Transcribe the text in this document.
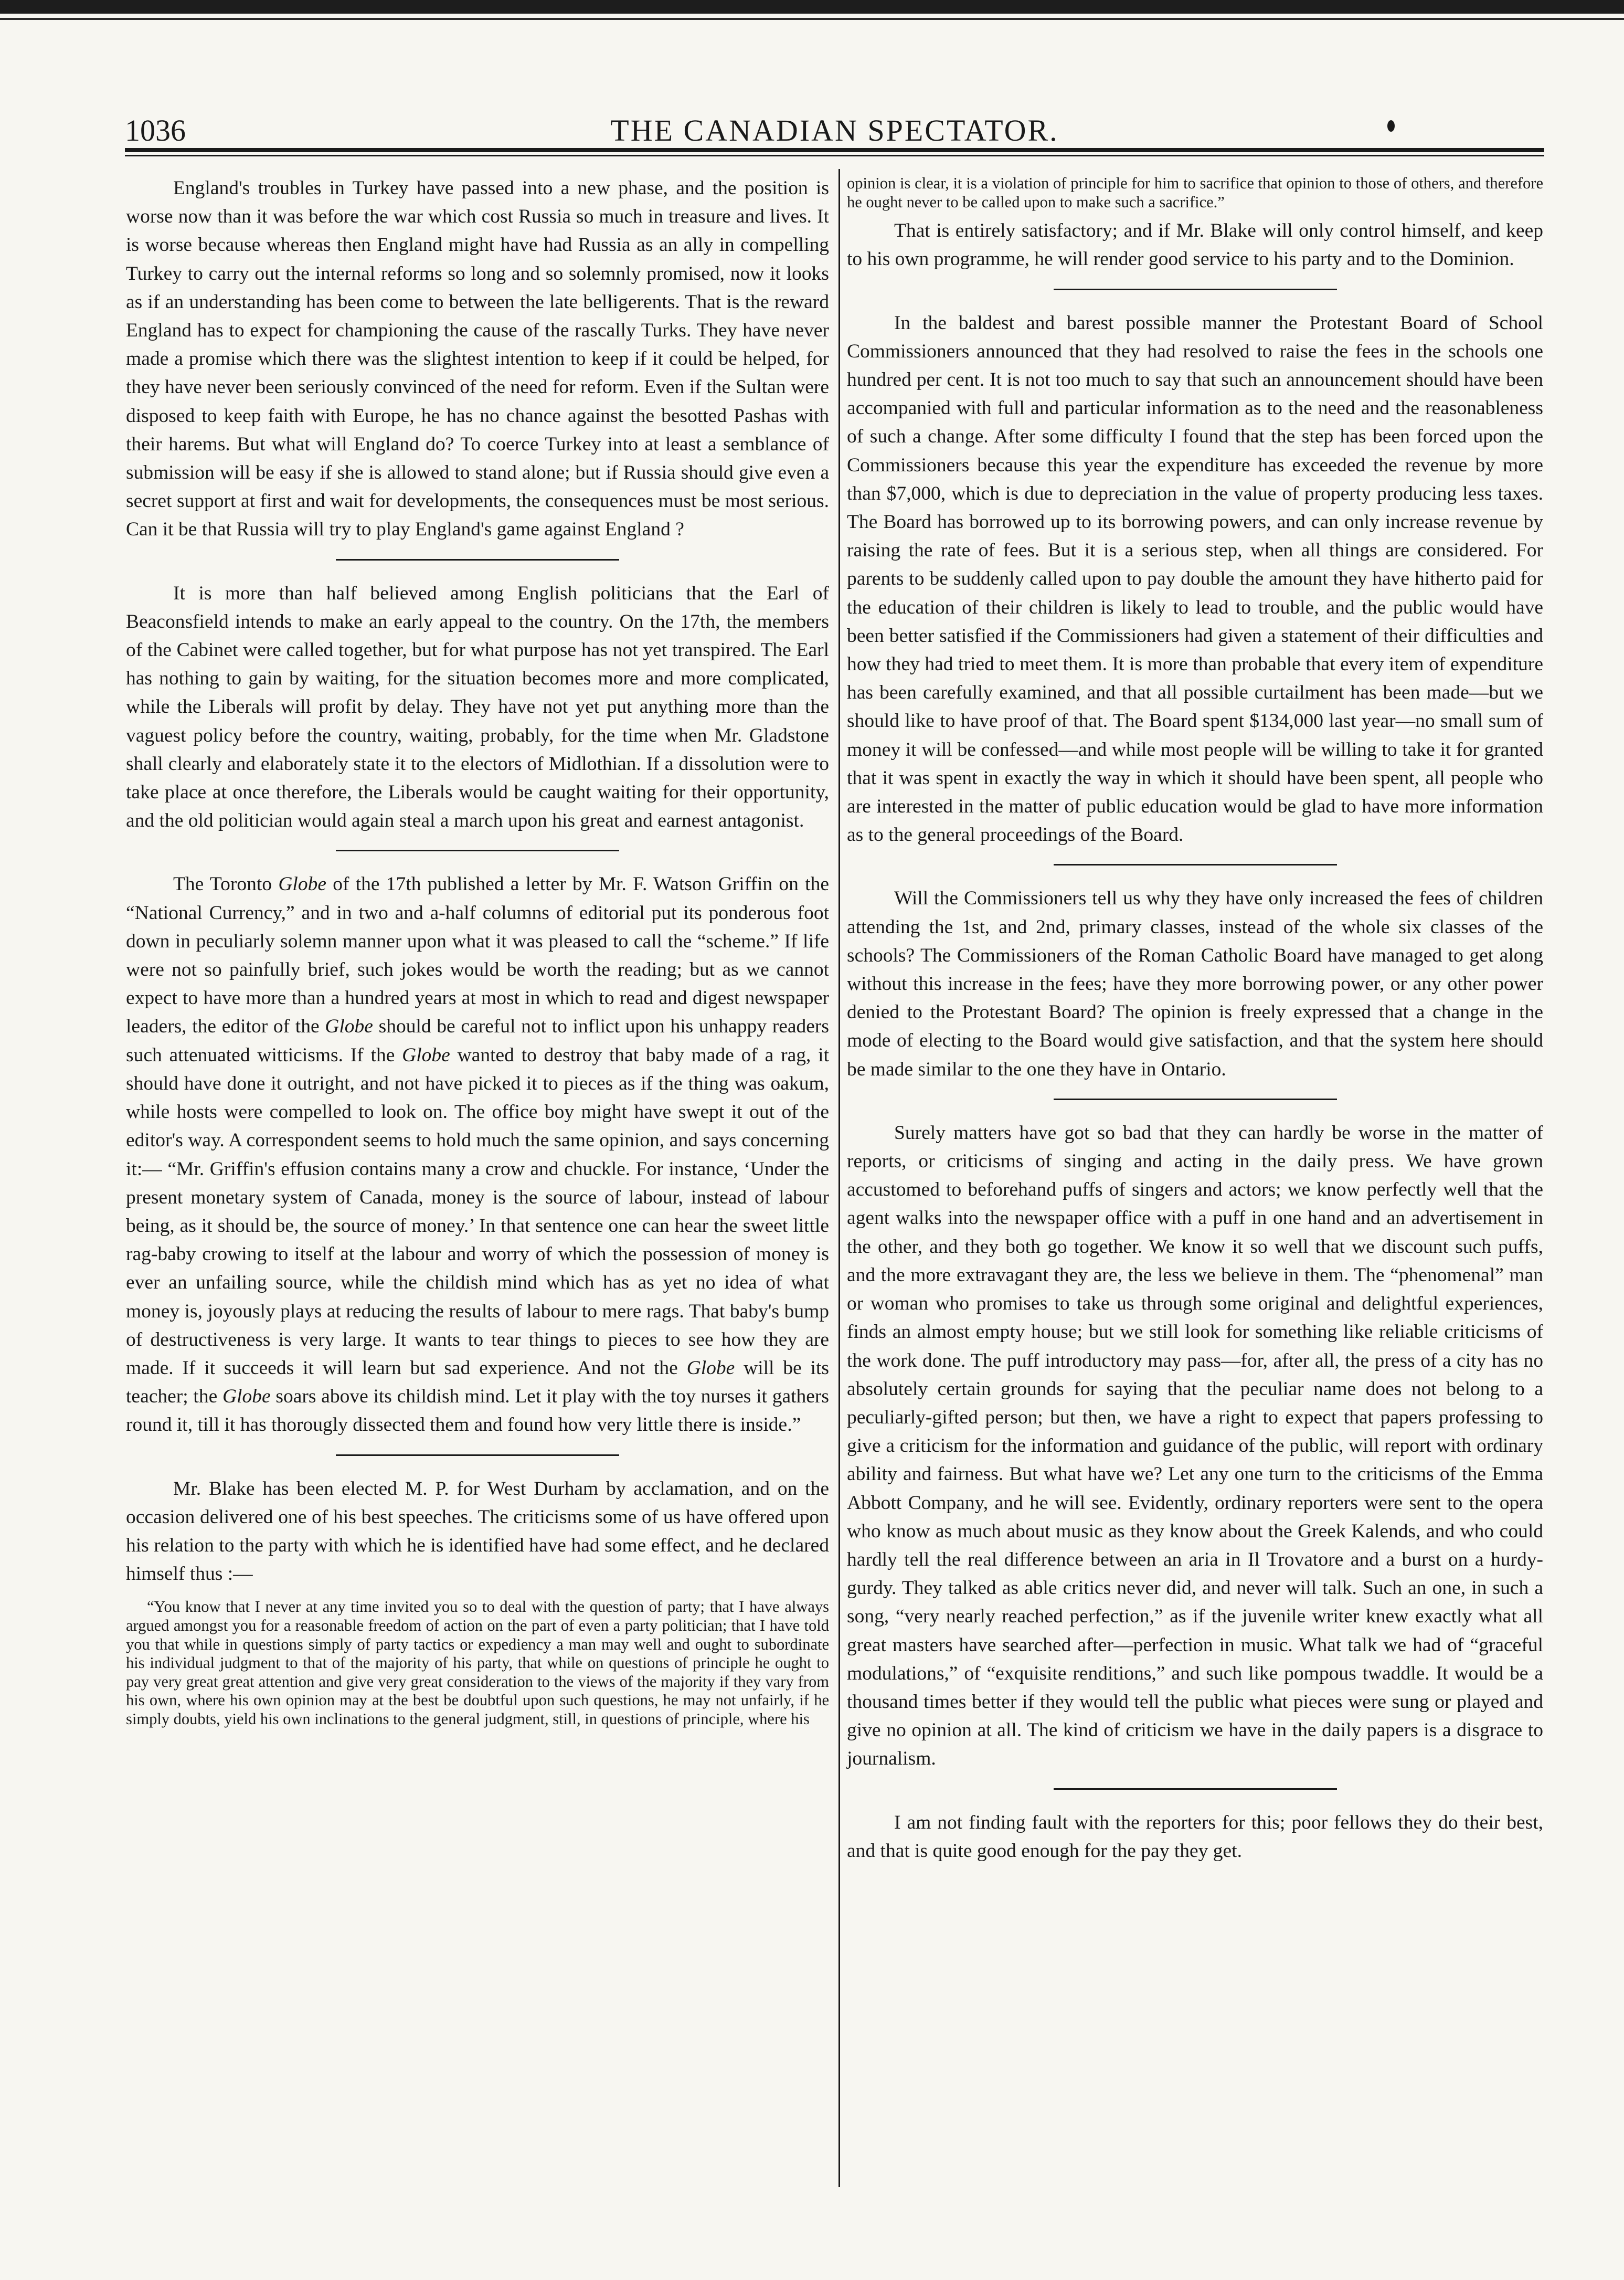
1036	THE CANADIAN SPECTATOR.

England's troubles in Turkey have passed into a new phase, and the position is worse now than it was before the war which cost Russia so much in treasure and lives. It is worse because whereas then England might have had Russia as an ally in compelling Turkey to carry out the internal reforms so long and so solemnly promised, now it looks as if an understanding has been come to between the late belligerents. That is the reward England has to expect for championing the cause of the rascally Turks. They have never made a promise which there was the slightest intention to keep if it could be helped, for they have never been seriously convinced of the need for reform. Even if the Sultan were disposed to keep faith with Europe, he has no chance against the besotted Pashas with their harems. But what will England do? To coerce Turkey into at least a semblance of submission will be easy if she is allowed to stand alone; but if Russia should give even a secret support at first and wait for developments, the consequences must be most serious. Can it be that Russia will try to play England's game against England ?

It is more than half believed among English politicians that the Earl of Beaconsfield intends to make an early appeal to the country. On the 17th, the members of the Cabinet were called together, but for what purpose has not yet transpired. The Earl has nothing to gain by waiting, for the situation becomes more and more complicated, while the Liberals will profit by delay. They have not yet put anything more than the vaguest policy before the country, waiting, probably, for the time when Mr. Gladstone shall clearly and elaborately state it to the electors of Midlothian. If a dissolution were to take place at once therefore, the Liberals would be caught waiting for their opportunity, and the old politician would again steal a march upon his great and earnest antagonist.

The Toronto Globe of the 17th published a letter by Mr. F. Watson Griffin on the “National Currency,” and in two and a-half columns of editorial put its ponderous foot down in peculiarly solemn manner upon what it was pleased to call the “scheme.” If life were not so painfully brief, such jokes would be worth the reading; but as we cannot expect to have more than a hundred years at most in which to read and digest newspaper leaders, the editor of the Globe should be careful not to inflict upon his unhappy readers such attenuated witticisms. If the Globe wanted to destroy that baby made of a rag, it should have done it outright, and not have picked it to pieces as if the thing was oakum, while hosts were compelled to look on. The office boy might have swept it out of the editor's way. A correspondent seems to hold much the same opinion, and says concerning it:— “Mr. Griffin's effusion contains many a crow and chuckle. For instance, ‘Under the present monetary system of Canada, money is the source of labour, instead of labour being, as it should be, the source of money.’ In that sentence one can hear the sweet little rag-baby crowing to itself at the labour and worry of which the possession of money is ever an unfailing source, while the childish mind which has as yet no idea of what money is, joyously plays at reducing the results of labour to mere rags. That baby's bump of destructiveness is very large. It wants to tear things to pieces to see how they are made. If it succeeds it will learn but sad experience. And not the Globe will be its teacher; the Globe soars above its childish mind. Let it play with the toy nurses it gathers round it, till it has thorougly dissected them and found how very little there is inside.”

Mr. Blake has been elected M. P. for West Durham by acclamation, and on the occasion delivered one of his best speeches. The criticisms some of us have offered upon his relation to the party with which he is identified have had some effect, and he declared himself thus :—

“You know that I never at any time invited you so to deal with the question of party; that I have always argued amongst you for a reasonable freedom of action on the part of even a party politician; that I have told you that while in questions simply of party tactics or expediency a man may well and ought to subordinate his individual judgment to that of the majority of his party, that while on questions of principle he ought to pay very great great attention and give very great consideration to the views of the majority if they vary from his own, where his own opinion may at the best be doubtful upon such questions, he may not unfairly, if he simply doubts, yield his own inclinations to the general judgment, still, in questions of principle, where his

opinion is clear, it is a violation of principle for him to sacrifice that opinion to those of others, and therefore he ought never to be called upon to make such a sacrifice.”

That is entirely satisfactory; and if Mr. Blake will only control himself, and keep to his own programme, he will render good service to his party and to the Dominion.

In the baldest and barest possible manner the Protestant Board of School Commissioners announced that they had resolved to raise the fees in the schools one hundred per cent. It is not too much to say that such an announcement should have been accompanied with full and particular information as to the need and the reasonableness of such a change. After some difficulty I found that the step has been forced upon the Commissioners because this year the expenditure has exceeded the revenue by more than $7,000, which is due to depreciation in the value of property producing less taxes. The Board has borrowed up to its borrowing powers, and can only increase revenue by raising the rate of fees. But it is a serious step, when all things are considered. For parents to be suddenly called upon to pay double the amount they have hitherto paid for the education of their children is likely to lead to trouble, and the public would have been better satisfied if the Commissioners had given a statement of their difficulties and how they had tried to meet them. It is more than probable that every item of expenditure has been carefully examined, and that all possible curtailment has been made—but we should like to have proof of that. The Board spent $134,000 last year—no small sum of money it will be confessed—and while most people will be willing to take it for granted that it was spent in exactly the way in which it should have been spent, all people who are interested in the matter of public education would be glad to have more information as to the general proceedings of the Board.

Will the Commissioners tell us why they have only increased the fees of children attending the 1st, and 2nd, primary classes, instead of the whole six classes of the schools? The Commissioners of the Roman Catholic Board have managed to get along without this increase in the fees; have they more borrowing power, or any other power denied to the Protestant Board? The opinion is freely expressed that a change in the mode of electing to the Board would give satisfaction, and that the system here should be made similar to the one they have in Ontario.

Surely matters have got so bad that they can hardly be worse in the matter of reports, or criticisms of singing and acting in the daily press. We have grown accustomed to beforehand puffs of singers and actors; we know perfectly well that the agent walks into the newspaper office with a puff in one hand and an advertisement in the other, and they both go together. We know it so well that we discount such puffs, and the more extravagant they are, the less we believe in them. The “phenomenal” man or woman who promises to take us through some original and delightful experiences, finds an almost empty house; but we still look for something like reliable criticisms of the work done. The puff introductory may pass—for, after all, the press of a city has no absolutely certain grounds for saying that the peculiar name does not belong to a peculiarly-gifted person; but then, we have a right to expect that papers professing to give a criticism for the information and guidance of the public, will report with ordinary ability and fairness. But what have we? Let any one turn to the criticisms of the Emma Abbott Company, and he will see. Evidently, ordinary reporters were sent to the opera who know as much about music as they know about the Greek Kalends, and who could hardly tell the real difference between an aria in Il Trovatore and a burst on a hurdy-gurdy. They talked as able critics never did, and never will talk. Such an one, in such a song, “very nearly reached perfection,” as if the juvenile writer knew exactly what all great masters have searched after—perfection in music. What talk we had of “graceful modulations,” of “exquisite renditions,” and such like pompous twaddle. It would be a thousand times better if they would tell the public what pieces were sung or played and give no opinion at all. The kind of criticism we have in the daily papers is a disgrace to journalism.

I am not finding fault with the reporters for this; poor fellows they do their best, and that is quite good enough for the pay they get.
